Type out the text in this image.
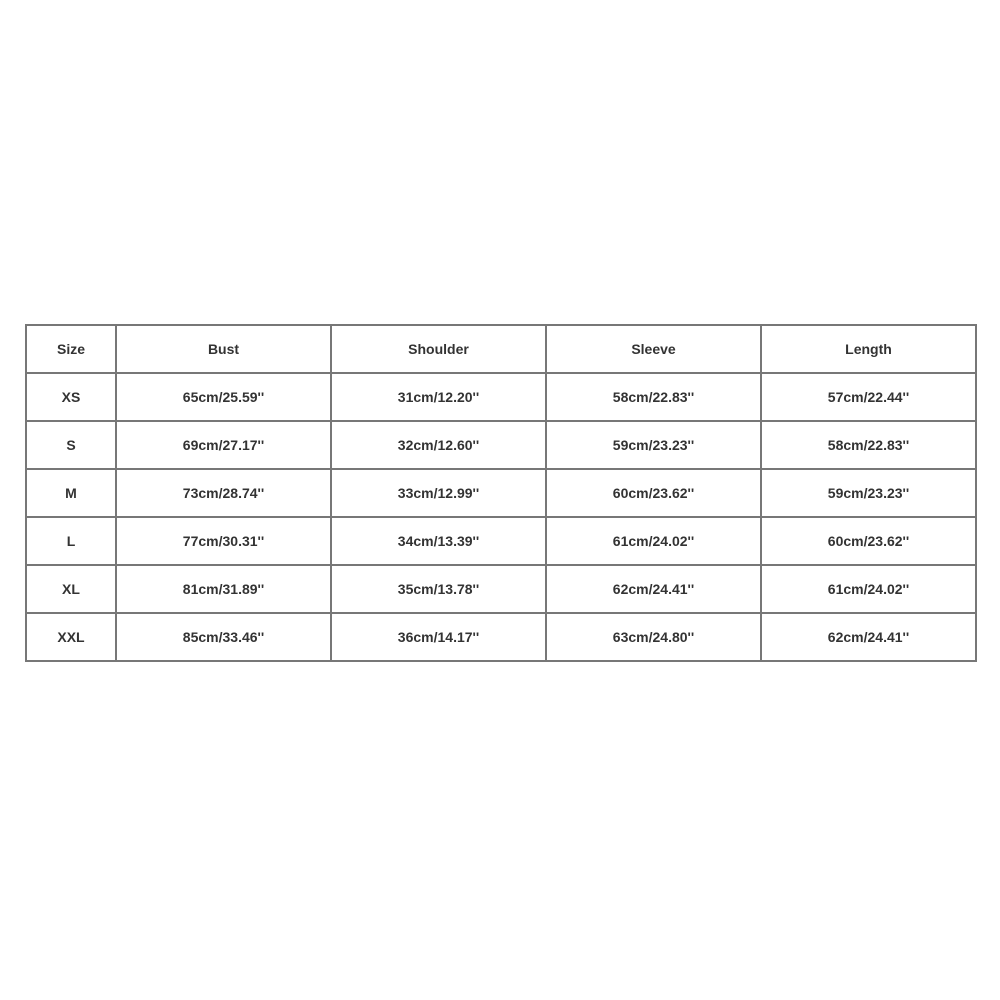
Size	Bust	Shoulder	Sleeve	Length
XS	65cm/25.59''	31cm/12.20''	58cm/22.83''	57cm/22.44''
S	69cm/27.17''	32cm/12.60''	59cm/23.23''	58cm/22.83''
M	73cm/28.74''	33cm/12.99''	60cm/23.62''	59cm/23.23''
L	77cm/30.31''	34cm/13.39''	61cm/24.02''	60cm/23.62''
XL	81cm/31.89''	35cm/13.78''	62cm/24.41''	61cm/24.02''
XXL	85cm/33.46''	36cm/14.17''	63cm/24.80''	62cm/24.41''
